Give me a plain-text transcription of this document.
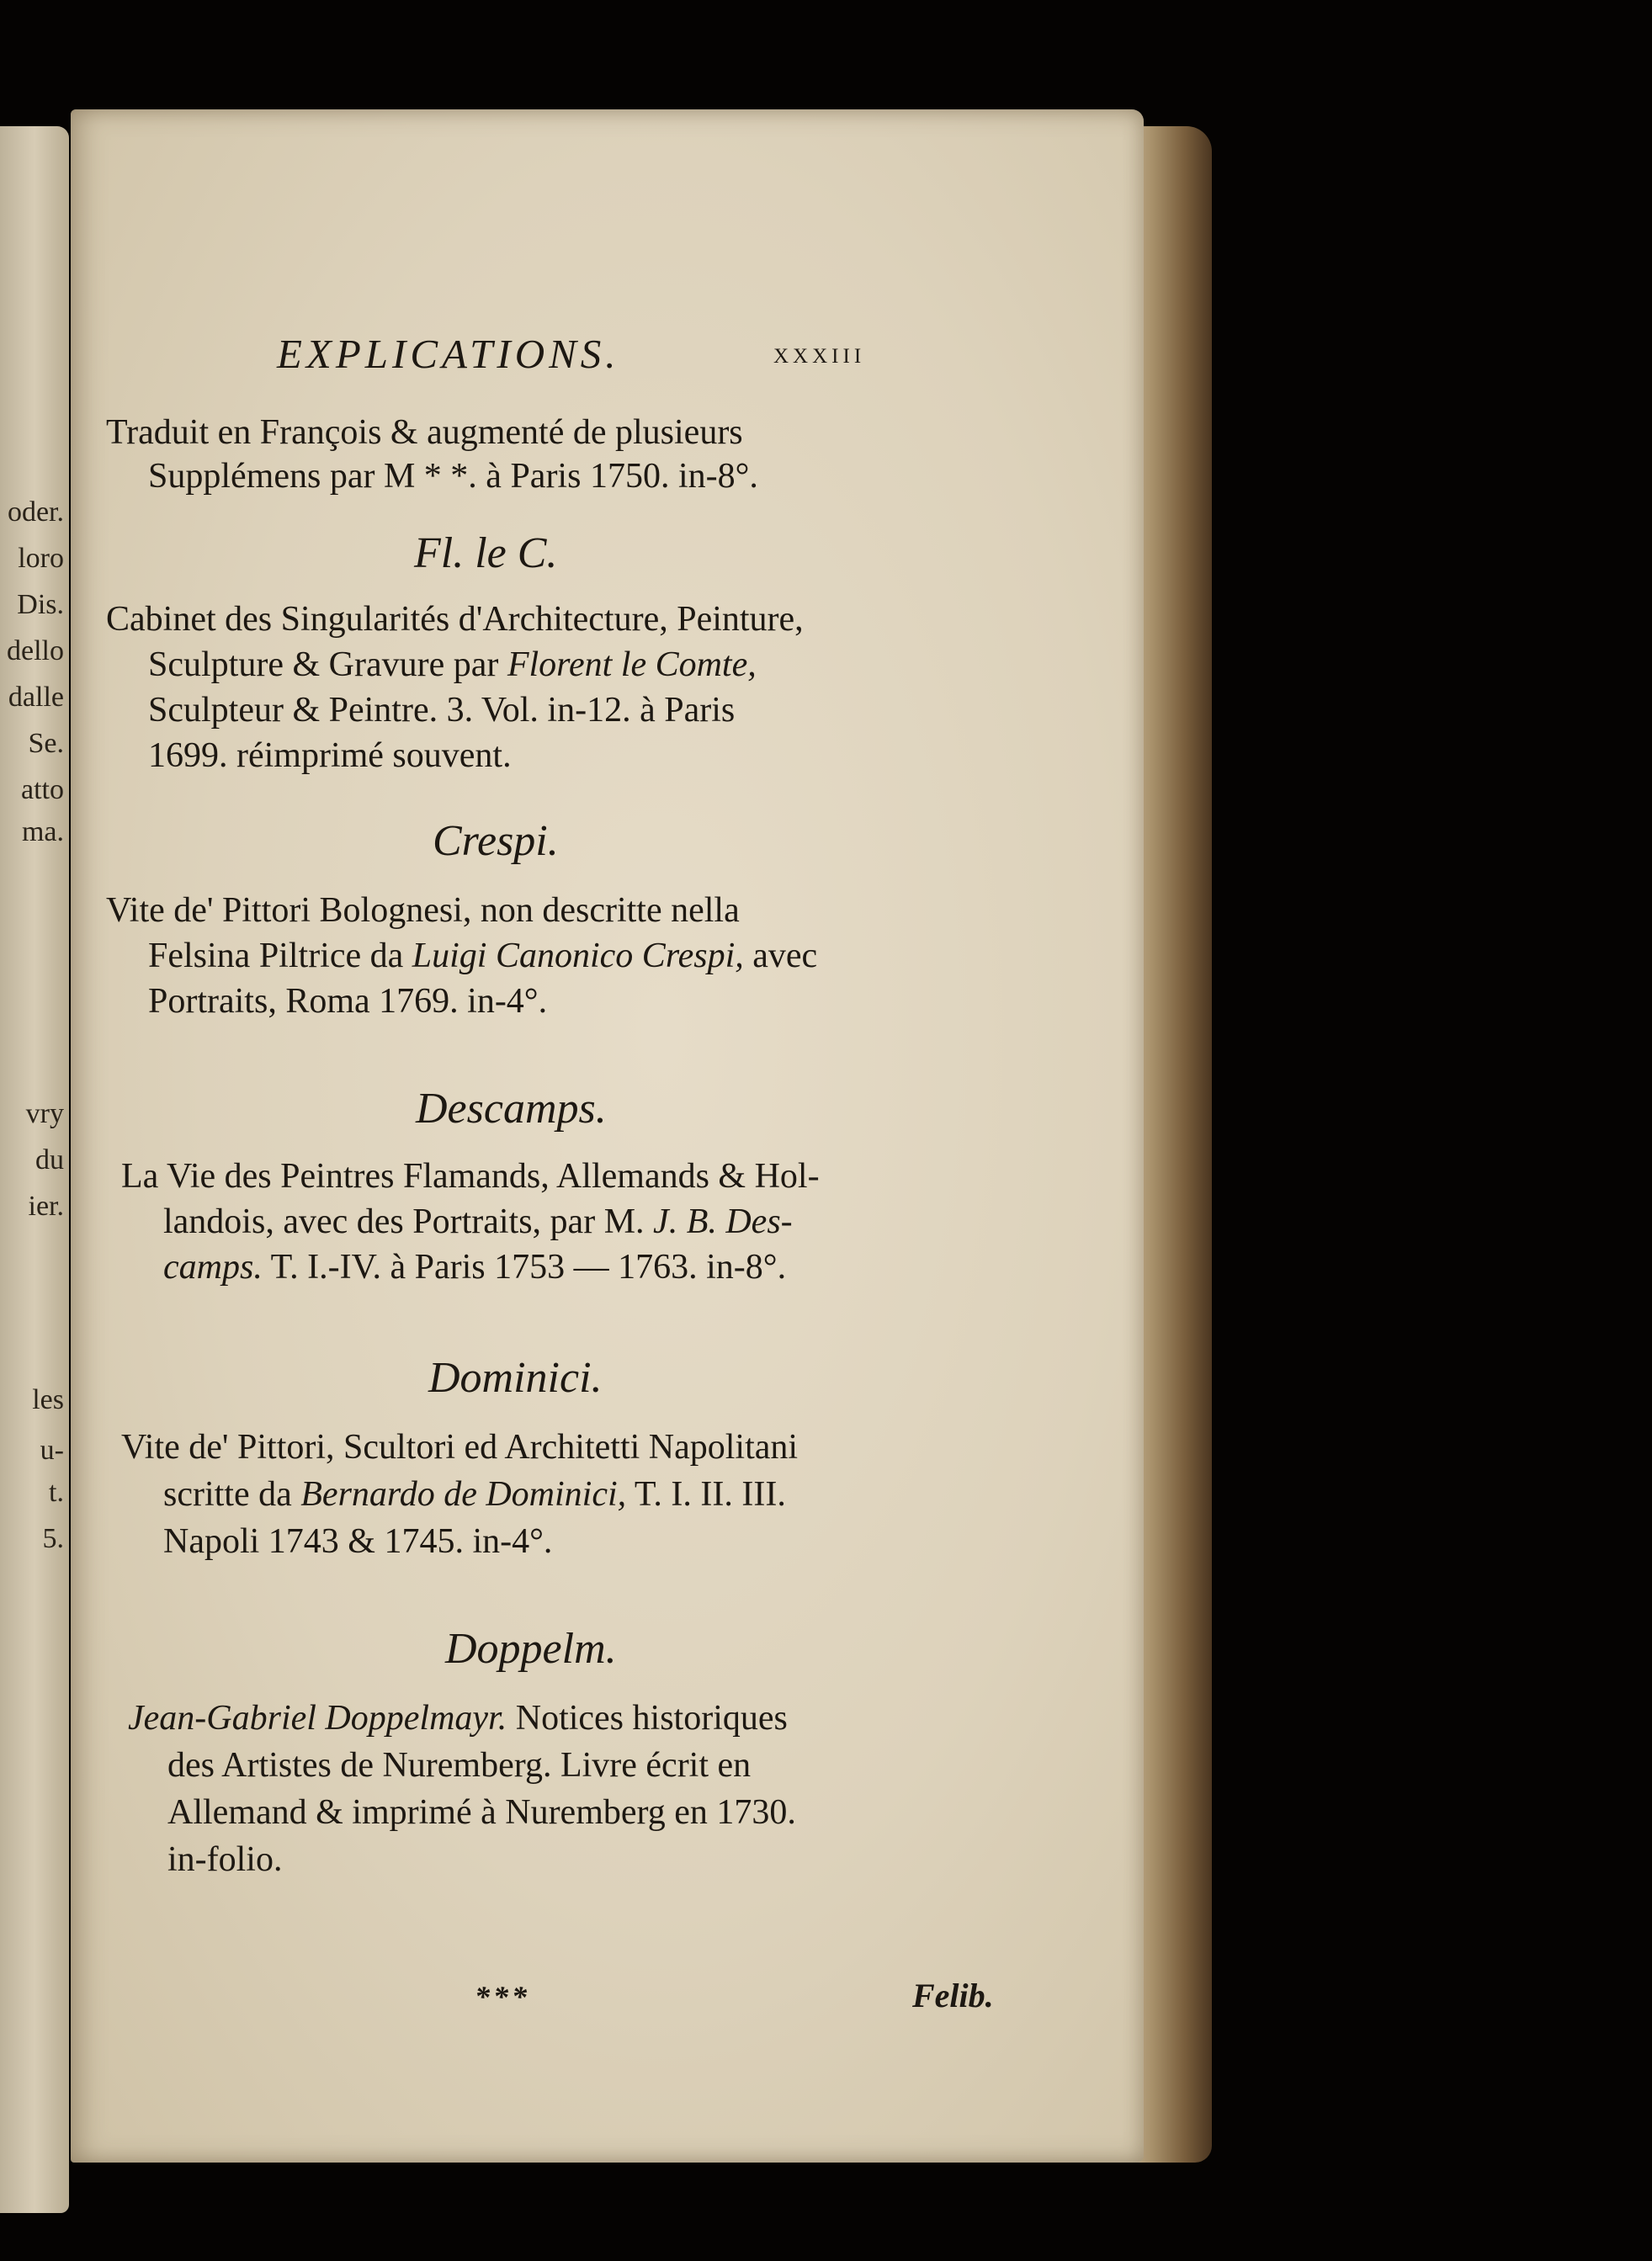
oder.
loro
Dis.
dello
dalle
Se.
atto
ma.
vry
du
ier.
les
u-
t.
5.
EXPLICATIONS.	xxxiii
Traduit en François & augmenté de plusieurs
Supplémens par M * *. à Paris 1750. in-8°.
Fl. le C.
Cabinet des Singularités d'Architecture, Peinture,
Sculpture & Gravure par Florent le Comte,
Sculpteur & Peintre. 3. Vol. in-12. à Paris
1699. réimprimé souvent.
Crespi.
Vite de' Pittori Bolognesi, non descritte nella
Felsina Piltrice da Luigi Canonico Crespi, avec
Portraits, Roma 1769. in-4°.
Descamps.
La Vie des Peintres Flamands, Allemands & Hol-
landois, avec des Portraits, par M. J. B. Des-
camps. T. I.-IV. à Paris 1753 — 1763. in-8°.
Dominici.
Vite de' Pittori, Scultori ed Architetti Napolitani
scritte da Bernardo de Dominici, T. I. II. III.
Napoli 1743 & 1745. in-4°.
Doppelm.
Jean-Gabriel Doppelmayr. Notices historiques
des Artistes de Nuremberg. Livre écrit en
Allemand & imprimé à Nuremberg en 1730.
in-folio.
***	Felib.
